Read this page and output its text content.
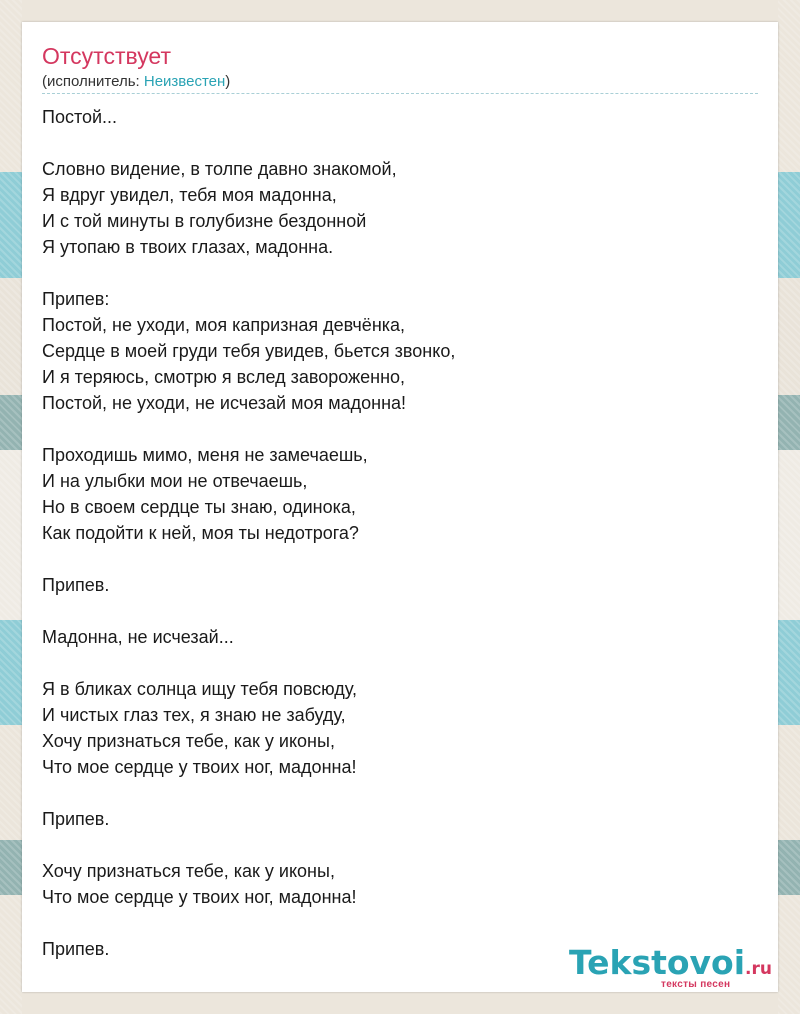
Отсутствует
(исполнитель: Неизвестен)
Постой...
Словно видение, в толпе давно знакомой,
Я вдруг увидел, тебя моя мадонна,
И с той минуты в голубизне бездонной
Я утопаю в твоих глазах, мадонна.
Припев:
Постой, не уходи, моя капризная девчёнка,
Сердце в моей груди тебя увидев, бьется звонко,
И я теряюсь, смотрю я вслед завороженно,
Постой, не уходи, не исчезай моя мадонна!
Проходишь мимо, меня не замечаешь,
И на улыбки мои не отвечаешь,
Но в своем сердце ты знаю, одинока,
Как подойти к ней, моя ты недотрога?
Припев.
Мадонна, не исчезай...
Я в бликах солнца ищу тебя повсюду,
И чистых глаз тех, я знаю не забуду,
Хочу признаться тебе, как у иконы,
Что мое сердце у твоих ног, мадонна!
Припев.
Хочу признаться тебе, как у иконы,
Что мое сердце у твоих ног, мадонна!
Припев.	Tekstovoi.ru
тексты песен
